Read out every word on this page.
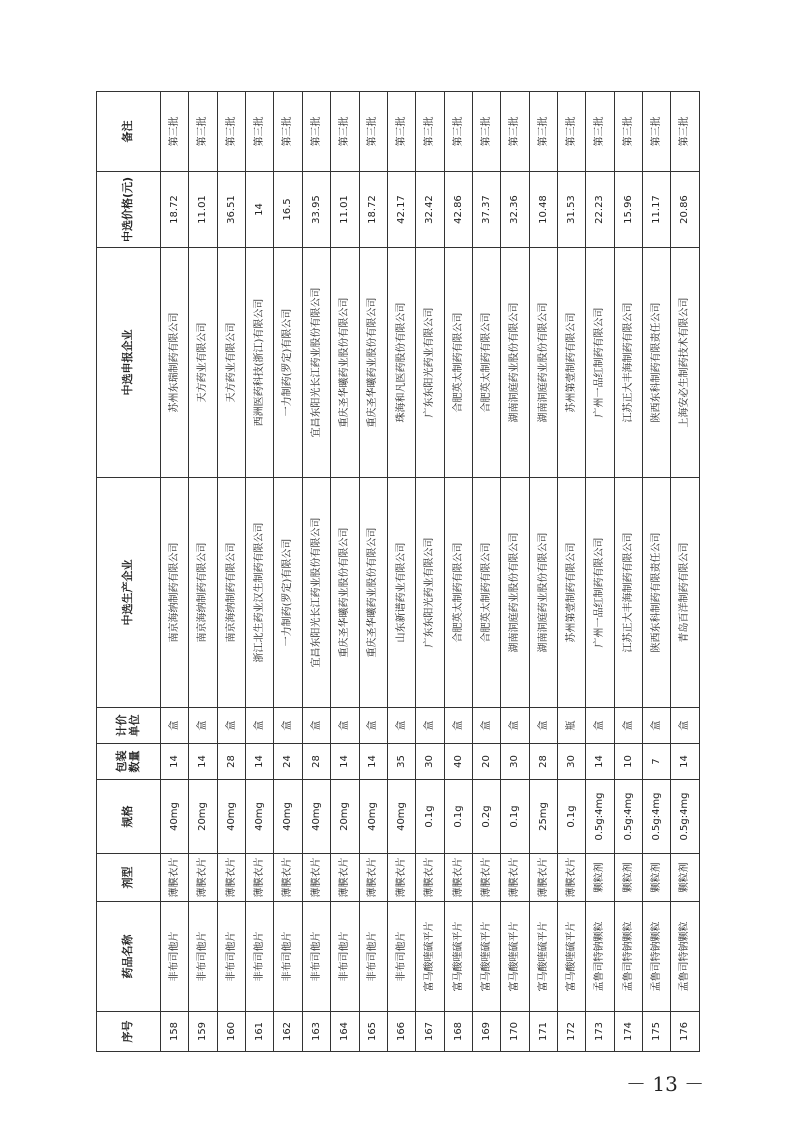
序号	药品名称	剂型	规格	包装数量	计价单位	中选生产企业	中选申报企业	中选价格(元)	备注
158	非布司他片	薄膜衣片	40mg	14	盒	南京海纳制药有限公司	苏州东瑞制药有限公司	18.72	第三批
159	非布司他片	薄膜衣片	20mg	14	盒	南京海纳制药有限公司	天方药业有限公司	11.01	第三批
160	非布司他片	薄膜衣片	40mg	28	盒	南京海纳制药有限公司	天方药业有限公司	36.51	第三批
161	非布司他片	薄膜衣片	40mg	14	盒	浙江北生药业汉生制药有限公司	西洲医药科技(浙江)有限公司	14	第三批
162	非布司他片	薄膜衣片	40mg	24	盒	一力制药(罗定)有限公司	一力制药(罗定)有限公司	16.5	第三批
163	非布司他片	薄膜衣片	40mg	28	盒	宜昌东阳光长江药业股份有限公司	宜昌东阳光长江药业股份有限公司	33.95	第三批
164	非布司他片	薄膜衣片	20mg	14	盒	重庆圣华曦药业股份有限公司	重庆圣华曦药业股份有限公司	11.01	第三批
165	非布司他片	薄膜衣片	40mg	14	盒	重庆圣华曦药业股份有限公司	重庆圣华曦药业股份有限公司	18.72	第三批
166	非布司他片	薄膜衣片	40mg	35	盒	山东新谱药业有限公司	珠海和凡医药股份有限公司	42.17	第三批
167	富马酸喹硫平片	薄膜衣片	0.1g	30	盒	广东东阳光药业有限公司	广东东阳光药业有限公司	32.42	第三批
168	富马酸喹硫平片	薄膜衣片	0.1g	40	盒	合肥英太制药有限公司	合肥英太制药有限公司	42.86	第三批
169	富马酸喹硫平片	薄膜衣片	0.2g	20	盒	合肥英太制药有限公司	合肥英太制药有限公司	37.37	第三批
170	富马酸喹硫平片	薄膜衣片	0.1g	30	盒	湖南洞庭药业股份有限公司	湖南洞庭药业股份有限公司	32.36	第三批
171	富马酸喹硫平片	薄膜衣片	25mg	28	盒	湖南洞庭药业股份有限公司	湖南洞庭药业股份有限公司	10.48	第三批
172	富马酸喹硫平片	薄膜衣片	0.1g	30	瓶	苏州第壹制药有限公司	苏州第壹制药有限公司	31.53	第三批
173	孟鲁司特钠颗粒	颗粒剂	0.5g:4mg	14	盒	广州一品红制药有限公司	广州一品红制药有限公司	22.23	第三批
174	孟鲁司特钠颗粒	颗粒剂	0.5g:4mg	10	盒	江苏正大丰海制药有限公司	江苏正大丰海制药有限公司	15.96	第三批
175	孟鲁司特钠颗粒	颗粒剂	0.5g:4mg	7	盒	陕西东科制药有限责任公司	陕西东科制药有限责任公司	11.17	第三批
176	孟鲁司特钠颗粒	颗粒剂	0.5g:4mg	14	盒	青岛百洋制药有限公司	上海安必生制药技术有限公司	20.86	第三批
－ 13 －
